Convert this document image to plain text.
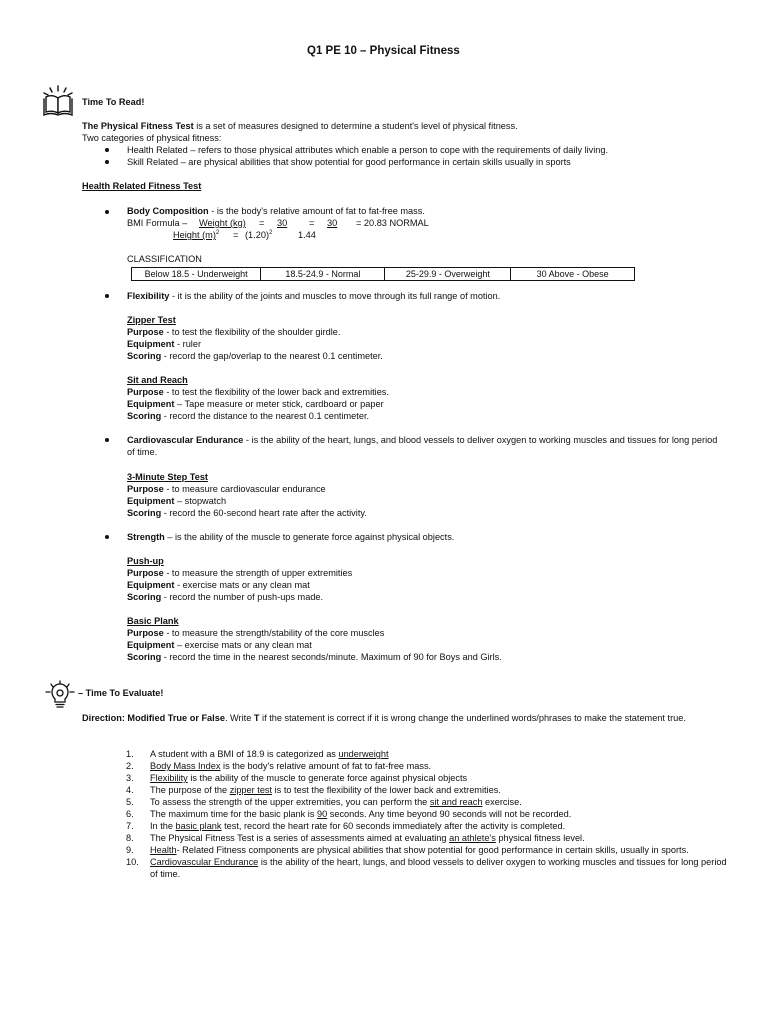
Q1 PE 10 – Physical Fitness
Time To Read!
The Physical Fitness Test is a set of measures designed to determine a student's level of physical fitness.
Two categories of physical fitness:
Health Related – refers to those physical attributes which enable a person to cope with the requirements of daily living.
Skill Related – are physical abilities that show potential for good performance in certain skills usually in sports
Health Related Fitness Test
Body Composition - is the body's relative amount of fat to fat-free mass.
BMI Formula – Weight (kg) = 30 = 30 = 20.83 NORMAL
Height $(m)^2 = (1.20)^2$	1.44
CLASSIFICATION
Below 18.5 - Underweight	18.5-24.9 - Normal	25-29.9 - Overweight	30 Above - Obese
Flexibility - it is the ability of the joints and muscles to move through its full range of motion.
Zipper Test
Purpose - to test the flexibility of the shoulder girdle.
Equipment - ruler
Scoring - record the gap/overlap to the nearest 0.1 centimeter.
Sit and Reach
Purpose - to test the flexibility of the lower back and extremities.
Equipment – Tape measure or meter stick, cardboard or paper
Scoring - record the distance to the nearest 0.1 centimeter.
Cardiovascular Endurance - is the ability of the heart, lungs, and blood vessels to deliver oxygen to working muscles and tissues for long period of time.
3-Minute Step Test
Purpose - to measure cardiovascular endurance
Equipment – stopwatch
Scoring - record the 60-second heart rate after the activity.
Strength – is the ability of the muscle to generate force against physical objects.
Push-up
Purpose - to measure the strength of upper extremities
Equipment - exercise mats or any clean mat
Scoring - record the number of push-ups made.
Basic Plank
Purpose - to measure the strength/stability of the core muscles
Equipment – exercise mats or any clean mat
Scoring - record the time in the nearest seconds/minute. Maximum of 90 for Boys and Girls.
– Time To Evaluate!
Direction: Modified True or False. Write T if the statement is correct if it is wrong change the underlined words/phrases to make the statement true.
1. A student with a BMI of 18.9 is categorized as underweight
2. Body Mass Index is the body's relative amount of fat to fat-free mass.
3. Flexibility is the ability of the muscle to generate force against physical objects
4. The purpose of the zipper test is to test the flexibility of the lower back and extremities.
5. To assess the strength of the upper extremities, you can perform the sit and reach exercise.
6. The maximum time for the basic plank is 90 seconds. Any time beyond 90 seconds will not be recorded.
7. In the basic plank test, record the heart rate for 60 seconds immediately after the activity is completed.
8. The Physical Fitness Test is a series of assessments aimed at evaluating an athlete's physical fitness level.
9. Health- Related Fitness components are physical abilities that show potential for good performance in certain skills, usually in sports.
10. Cardiovascular Endurance is the ability of the heart, lungs, and blood vessels to deliver oxygen to working muscles and tissues for long period of time.
